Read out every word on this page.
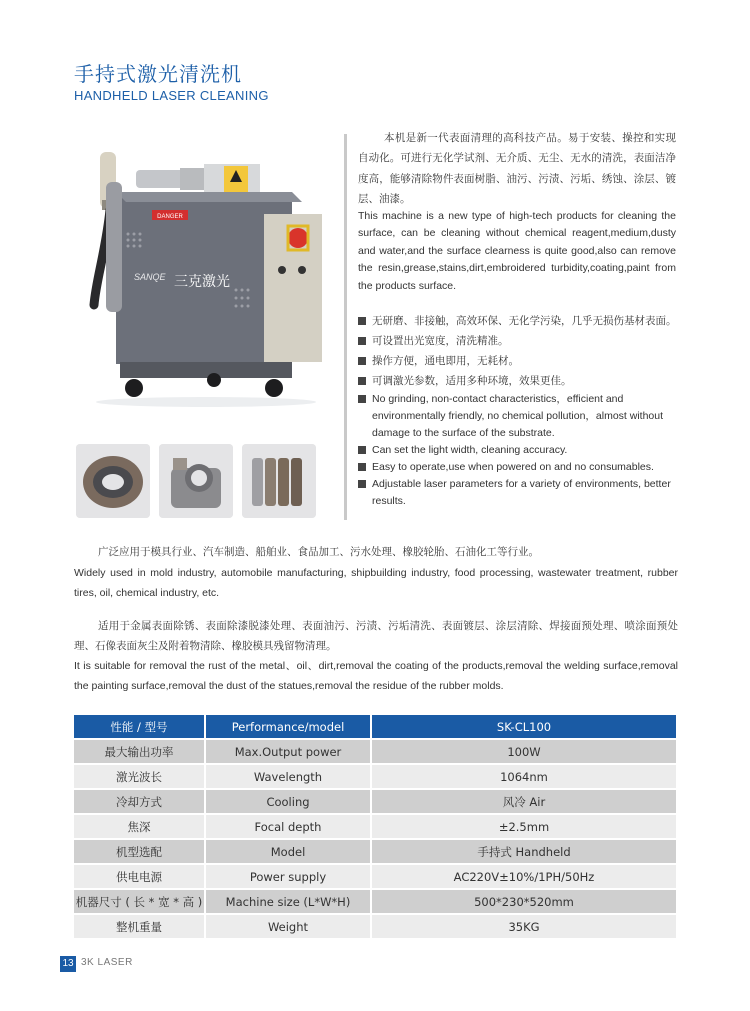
手持式激光清洗机
HANDHELD LASER CLEANING
DANGER
SANQE 三克激光
本机是新一代表面清理的高科技产品。易于安装、操控和实现自动化。可进行无化学试剂、无介质、无尘、无水的清洗，表面洁净度高，能够清除物件表面树脂、油污、污渍、污垢、绣蚀、涂层、镀层、油漆。
This machine is a new type of high-tech products for cleaning the surface, can be cleaning without chemical reagent,medium,dusty and water,and the surface clearness is quite good,also can remove the resin,grease,stains,dirt,embroidered turbidity,coating,paint from the products surface.
无研磨、非接触，高效环保、无化学污染，几乎无损伤基材表面。
可设置出光宽度，清洗精准。
操作方便，通电即用，无耗材。
可调激光参数，适用多种环境，效果更佳。
No grinding, non-contact characteristics，efficient and environmentally friendly, no chemical pollution，almost without damage to the surface of the substrate.
Can set the light width, cleaning accuracy.
Easy to operate,use when powered on and no consumables.
Adjustable laser parameters for a variety of environments, better results.
广泛应用于模具行业、汽车制造、船舶业、食品加工、污水处理、橡胶轮胎、石油化工等行业。
Widely used in mold industry, automobile manufacturing, shipbuilding industry, food processing, wastewater treatment, rubber tires, oil, chemical industry, etc.
适用于金属表面除锈、表面除漆脱漆处理、表面油污、污渍、污垢清洗、表面镀层、涂层清除、焊接面预处理、喷涂面预处理、石像表面灰尘及附着物清除、橡胶模具残留物清理。
It is suitable for removal the rust of the metal、oil、dirt,removal the coating of the products,removal the welding surface,removal the painting surface,removal the dust of the statues,removal the residue of the rubber molds.
性能 / 型号	Performance/model	SK-CL100
最大输出功率	Max.Output power	100W
激光波长	Wavelength	1064nm
冷却方式	Cooling	风冷 Air
焦深	Focal depth	±2.5mm
机型选配	Model	手持式 Handheld
供电电源	Power supply	AC220V±10%/1PH/50Hz
机器尺寸 ( 长 * 宽 * 高 )	Machine size (L*W*H)	500*230*520mm
整机重量	Weight	35KG
13 3K LASER
